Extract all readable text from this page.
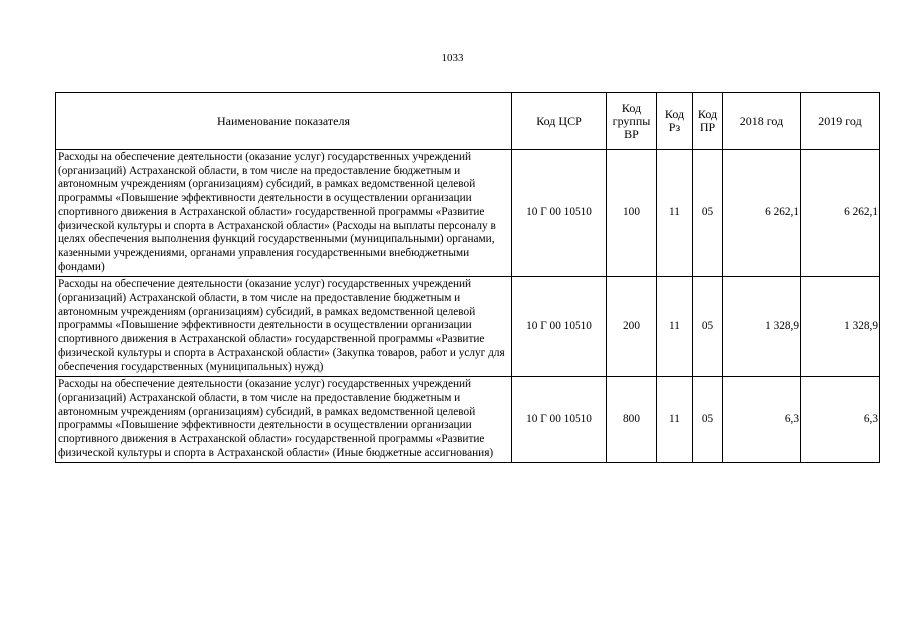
1033
Наименование показателя	Код ЦСР	Код группы ВР	Код Рз	Код ПР	2018 год	2019 год
Расходы на обеспечение деятельности (оказание услуг) государственных учреждений (организаций) Астраханской области, в том числе на предоставление бюджетным и автономным учреждениям (организациям) субсидий, в рамках ведомственной целевой программы «Повышение эффективности деятельности в осуществлении организации спортивного движения в Астраханской области» государственной программы «Развитие физической культуры и спорта в Астраханской области» (Расходы на выплаты персоналу в целях обеспечения выполнения функций государственными (муниципальными) органами, казенными учреждениями, органами управления государственными внебюджетными фондами)	10 Г 00 10510	100	11	05	6 262,1	6 262,1
Расходы на обеспечение деятельности (оказание услуг) государственных учреждений (организаций) Астраханской области, в том числе на предоставление бюджетным и автономным учреждениям (организациям) субсидий, в рамках ведомственной целевой программы «Повышение эффективности деятельности в осуществлении организации спортивного движения в Астраханской области» государственной программы «Развитие физической культуры и спорта в Астраханской области» (Закупка товаров, работ и услуг для обеспечения государственных (муниципальных) нужд)	10 Г 00 10510	200	11	05	1 328,9	1 328,9
Расходы на обеспечение деятельности (оказание услуг) государственных учреждений (организаций) Астраханской области, в том числе на предоставление бюджетным и автономным учреждениям (организациям) субсидий, в рамках ведомственной целевой программы «Повышение эффективности деятельности в осуществлении организации спортивного движения в Астраханской области» государственной программы «Развитие физической культуры и спорта в Астраханской области» (Иные бюджетные ассигнования)	10 Г 00 10510	800	11	05	6,3	6,3
